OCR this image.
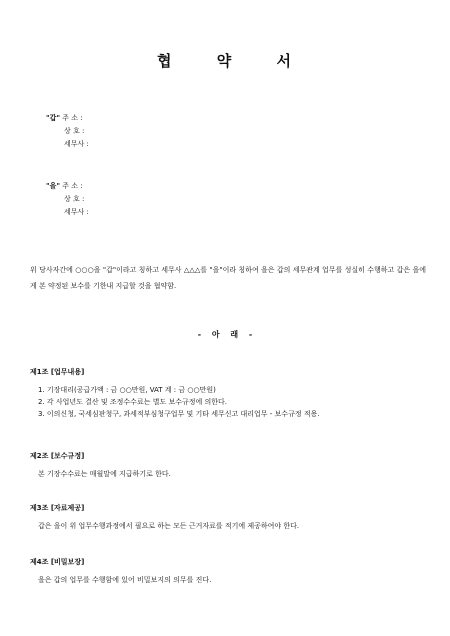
협 약 서
"갑" 주 소 :
상 호 :
세무사 :
"을" 주 소 :
상 호 :
세무사 :
위 당사자간에 ○○○을 "갑"이라고 칭하고 세무사 △△△를 "을"이라 칭하여 을은 갑의 세무관계 업무를 성실히 수행하고 갑은 을에게 본 약정된 보수를 기한내 지급할 것을 협약함.
- 아 래 -
제1조 [업무내용]
1. 기장대리(공급가액 : 금 ○○만원, VAT 계 : 금 ○○만원)
2. 각 사업년도 결산 및 조정수수료는 별도 보수규정에 의한다.
3. 이의신청, 국세심판청구, 과세적부심청구업무 및 기타 세무신고 대리업무 - 보수규정 적용.
제2조 [보수규정]
본 기장수수료는 매월말에 지급하기로 한다.
제3조 [자료제공]
갑은 을이 위 업무수행과정에서 필요로 하는 모든 근거자료를 적기에 제공하여야 한다.
제4조 [비밀보장]
을은 갑의 업무를 수행함에 있어 비밀보지의 의무를 진다.
